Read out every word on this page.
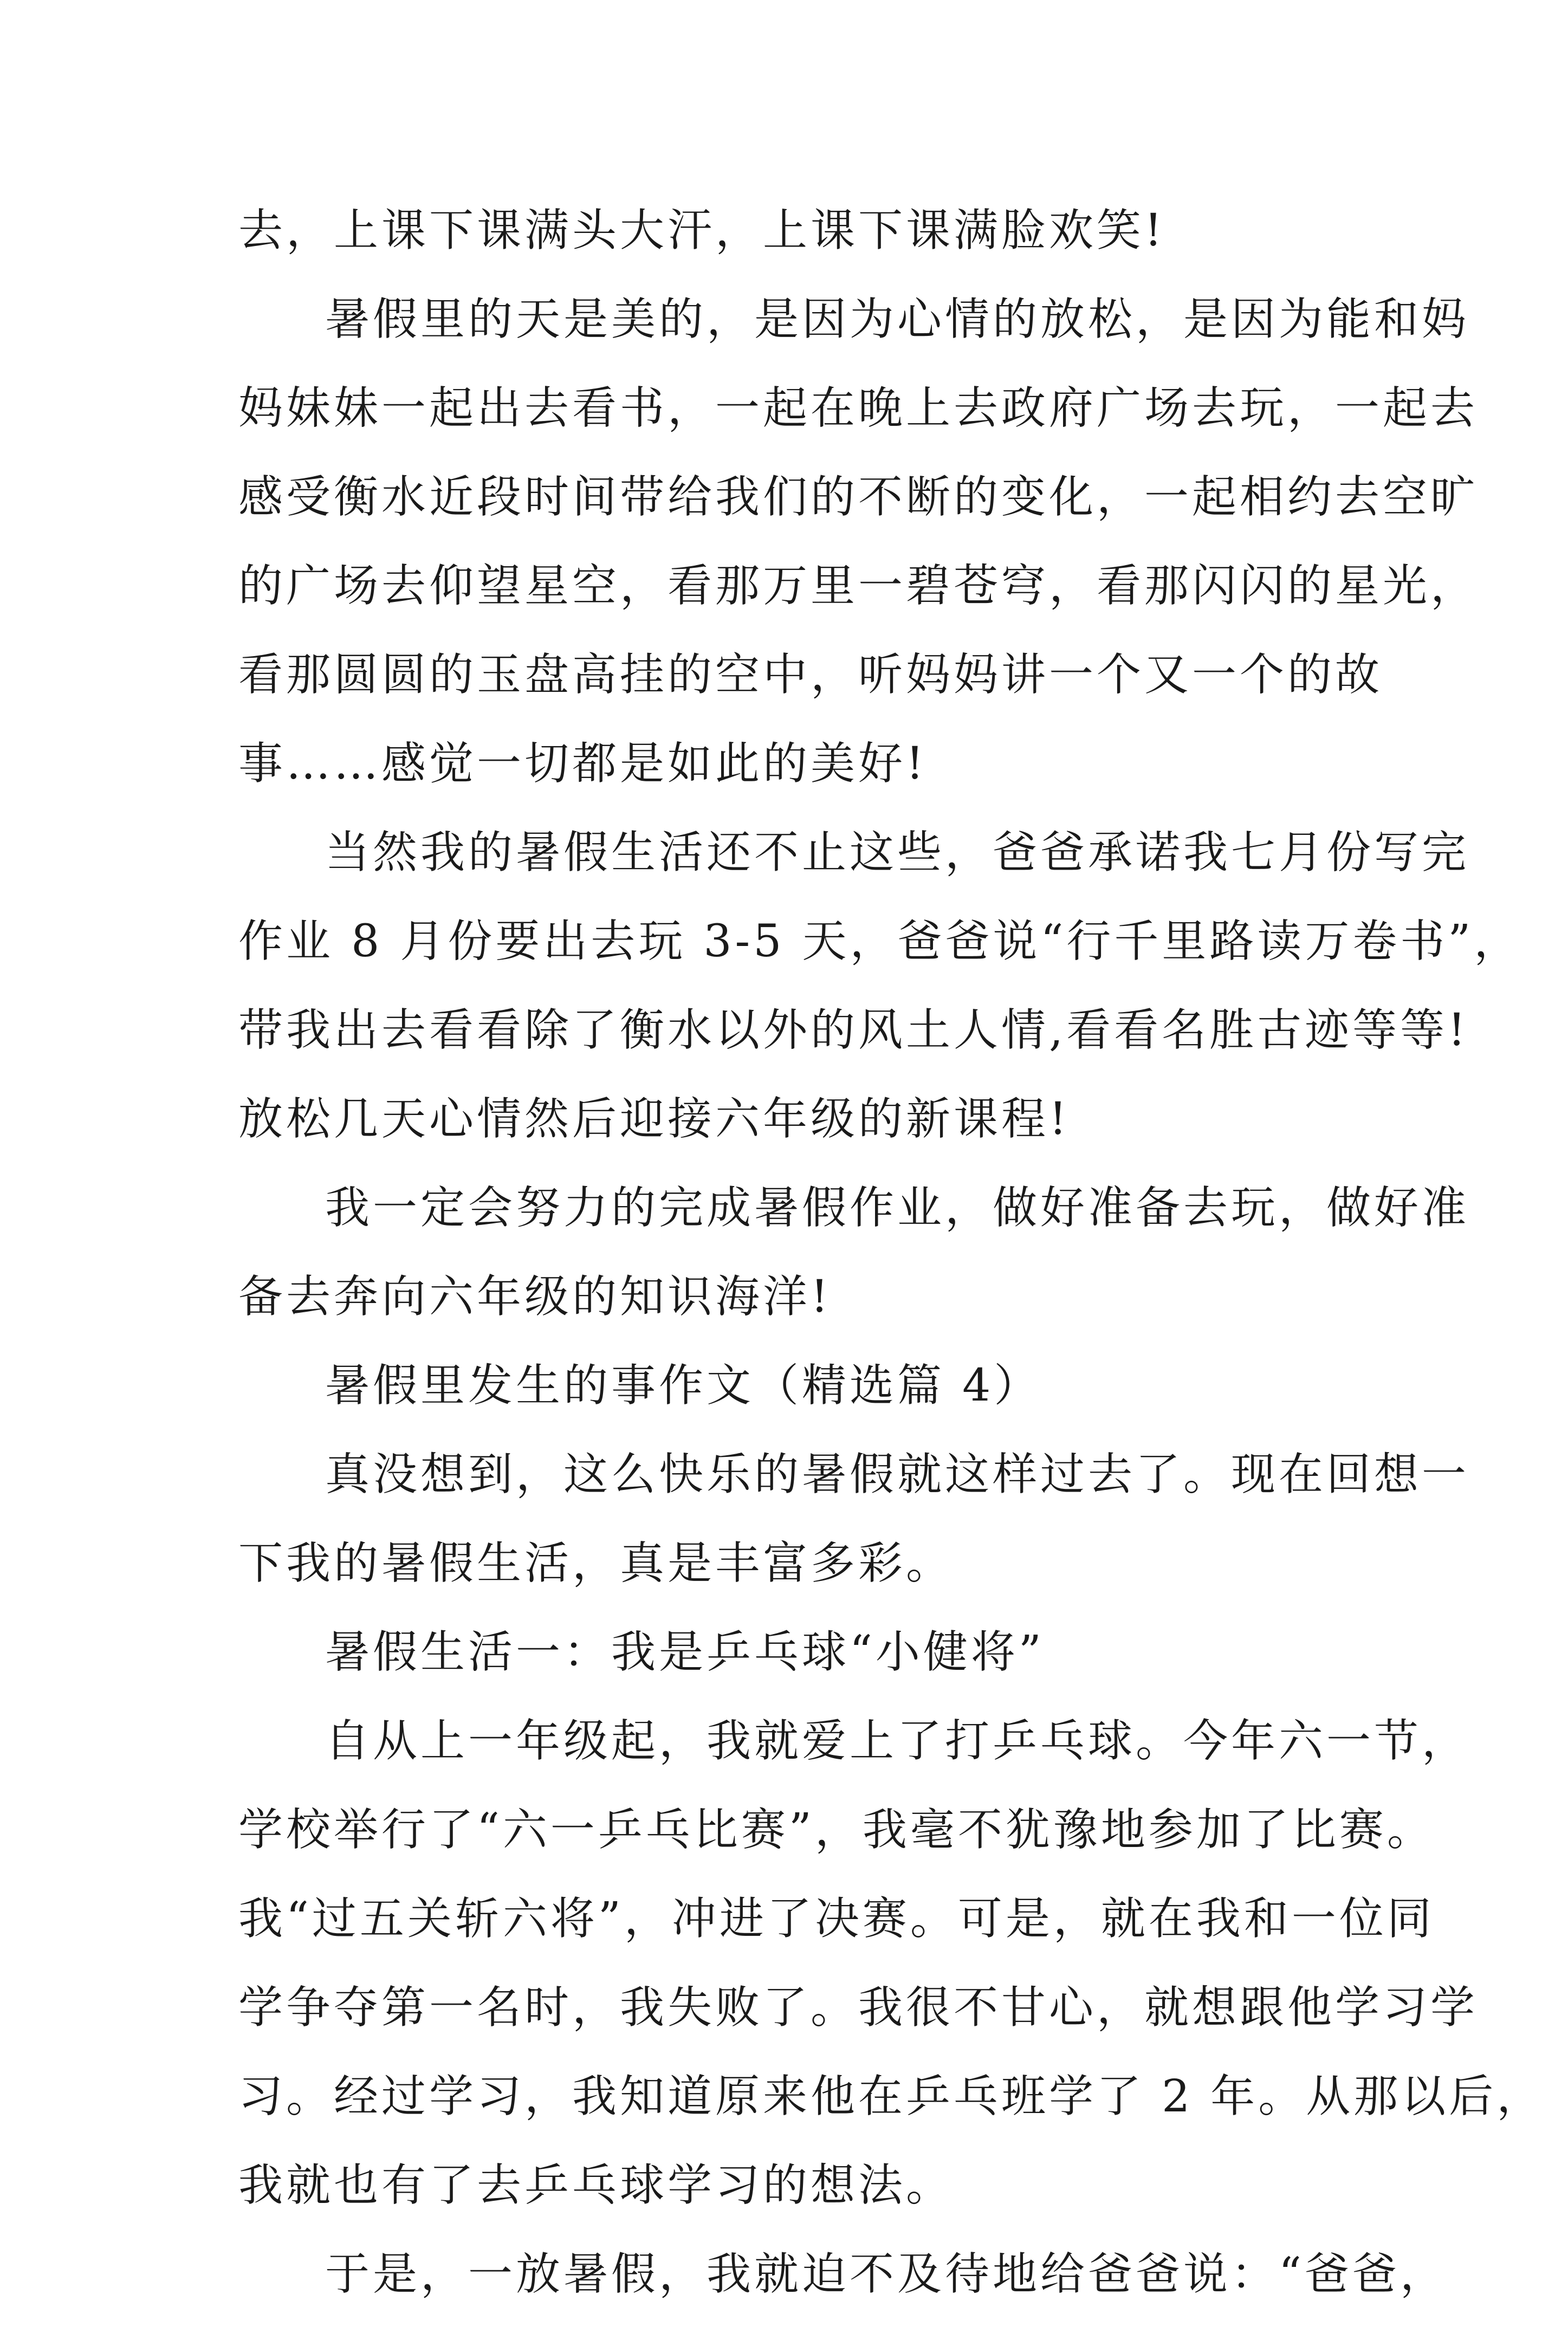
去，上课下课满头大汗，上课下课满脸欢笑!
暑假里的天是美的，是因为心情的放松，是因为能和妈
妈妹妹一起出去看书，一起在晚上去政府广场去玩，一起去
感受衡水近段时间带给我们的不断的变化，一起相约去空旷
的广场去仰望星空，看那万里一碧苍穹，看那闪闪的星光，
看那圆圆的玉盘高挂的空中，听妈妈讲一个又一个的故
事……感觉一切都是如此的美好!
当然我的暑假生活还不止这些，爸爸承诺我七月份写完
作业 8 月份要出去玩 3-5 天，爸爸说“行千里路读万卷书”，
带我出去看看除了衡水以外的风土人情,看看名胜古迹等等!
放松几天心情然后迎接六年级的新课程!
我一定会努力的完成暑假作业，做好准备去玩，做好准
备去奔向六年级的知识海洋!
暑假里发生的事作文（精选篇 4）
真没想到，这么快乐的暑假就这样过去了。现在回想一
下我的暑假生活，真是丰富多彩。
暑假生活一：我是乒乓球“小健将”
自从上一年级起，我就爱上了打乒乓球。今年六一节，
学校举行了“六一乒乓比赛”，我毫不犹豫地参加了比赛。
我“过五关斩六将”，冲进了决赛。可是，就在我和一位同
学争夺第一名时，我失败了。我很不甘心，就想跟他学习学
习。经过学习，我知道原来他在乒乓班学了 2 年。从那以后，
我就也有了去乒乓球学习的想法。
于是，一放暑假，我就迫不及待地给爸爸说：“爸爸，
